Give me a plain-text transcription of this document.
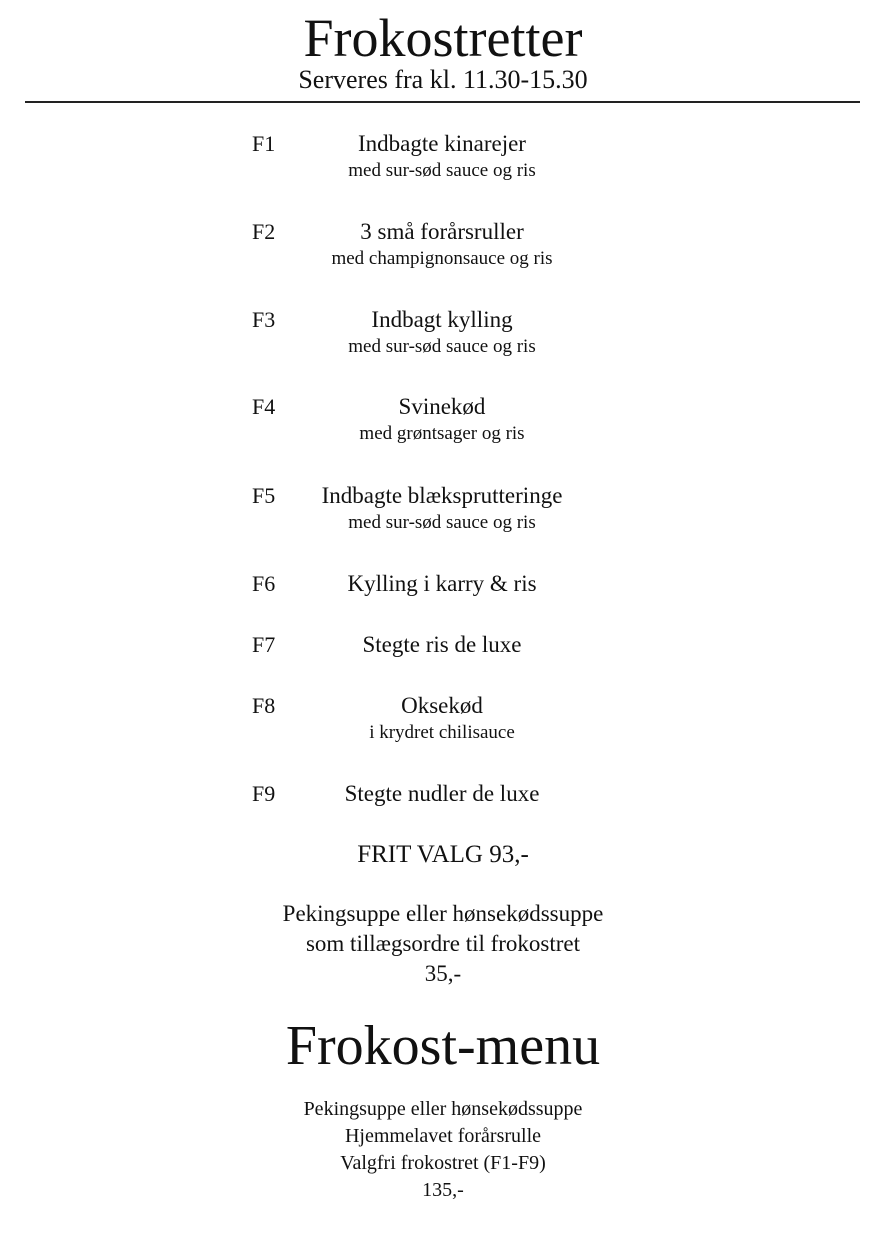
Frokostretter
Serveres fra kl. 11.30-15.30
F1	Indbagte kinarejer
med sur-sød sauce og ris
F2	3 små forårsruller
med champignonsauce og ris
F3	Indbagt kylling
med sur-sød sauce og ris
F4	Svinekød
med grøntsager og ris
F5	Indbagte blæksprutteringe
med sur-sød sauce og ris
F6	Kylling i karry & ris
F7	Stegte ris de luxe
F8	Oksekød
i krydret chilisauce
F9	Stegte nudler de luxe
FRIT VALG 93,-
Pekingsuppe eller hønsekødssuppe
som tillægsordre til frokostret
35,-
Frokost-menu
Pekingsuppe eller hønsekødssuppe
Hjemmelavet forårsrulle
Valgfri frokostret (F1-F9)
135,-
